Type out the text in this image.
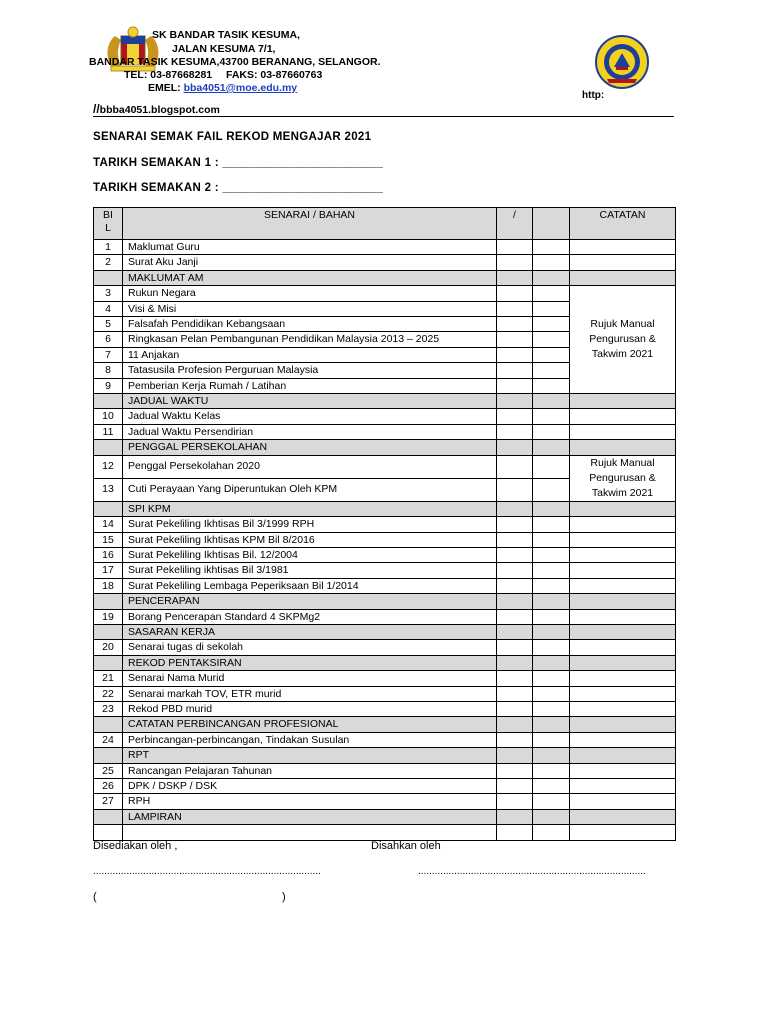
SK BANDAR TASIK KESUMA,
JALAN KESUMA 7/1,
BANDAR TASIK KESUMA,43700 BERANANG, SELANGOR.
TEL: 03-87668281 FAKS: 03-87660763
EMEL: bba4051@moe.edu.my
http:
//bbba4051.blogspot.com
SENARAI SEMAK FAIL REKOD MENGAJAR 2021
TARIKH SEMAKAN 1 : ________________________
TARIKH SEMAKAN 2 : ________________________
BI L	SENARAI / BAHAN	/		CATATAN
1	Maklumat Guru			
2	Surat Aku Janji			
	MAKLUMAT AM			
3	Rukun Negara			Rujuk Manual Pengurusan & Takwim 2021
4	Visi & Misi			
5	Falsafah Pendidikan Kebangsaan			
6	Ringkasan Pelan Pembangunan Pendidikan Malaysia 2013 – 2025			
7	11 Anjakan			
8	Tatasusila Profesion Perguruan Malaysia			
9	Pemberian Kerja Rumah / Latihan			
	JADUAL WAKTU			
10	Jadual Waktu Kelas			
11	Jadual Waktu Persendirian			
	PENGGAL PERSEKOLAHAN			
12	Penggal Persekolahan 2020			Rujuk Manual Pengurusan & Takwim 2021
13	Cuti Perayaan Yang Diperuntukan Oleh KPM			
	SPI KPM			
14	Surat Pekeliling Ikhtisas Bil 3/1999 RPH			
15	Surat Pekeliling Ikhtisas KPM Bil 8/2016			
16	Surat Pekeliling Ikhtisas Bil. 12/2004			
17	Surat Pekeliling ikhtisas Bil 3/1981			
18	Surat Pekeliling Lembaga Peperiksaan Bil 1/2014			
	PENCERAPAN			
19	Borang Pencerapan Standard 4 SKPMg2			
	SASARAN KERJA			
20	Senarai tugas di sekolah			
	REKOD PENTAKSIRAN			
21	Senarai Nama Murid			
22	Senarai markah TOV, ETR murid			
23	Rekod PBD murid			
	CATATAN PERBINCANGAN PROFESIONAL			
24	Perbincangan-perbincangan, Tindakan Susulan			
	RPT			
25	Rancangan Pelajaran Tahunan			
26	DPK / DSKP / DSK			
27	RPH			
	LAMPIRAN			

Disediakan oleh ,	Disahkan oleh
..................................................................................	..................................................................................
(	)
